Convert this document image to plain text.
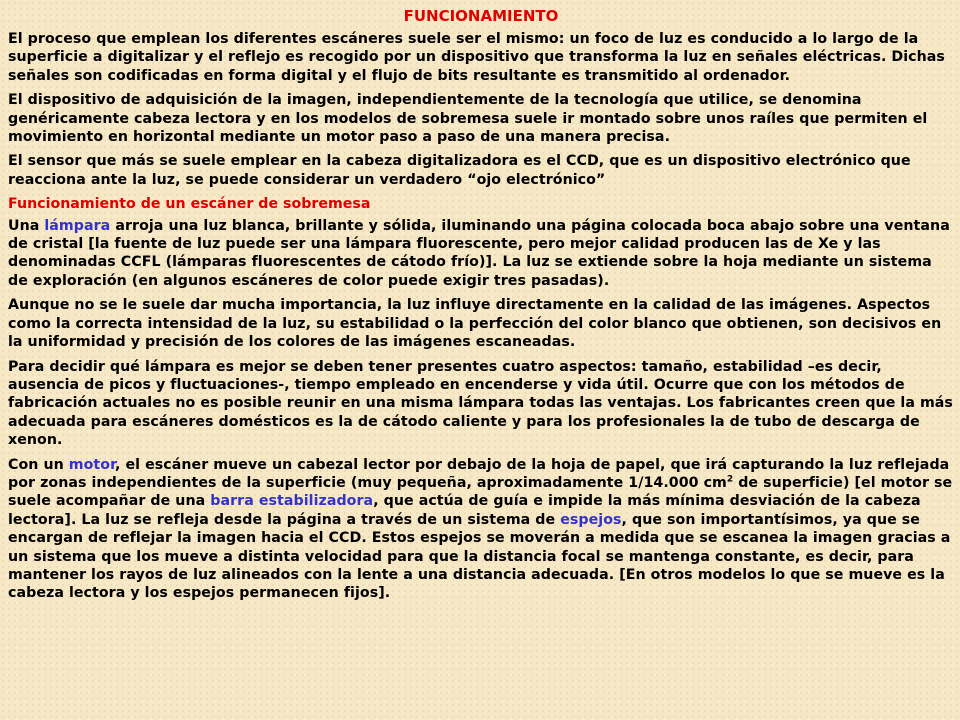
FUNCIONAMIENTO

El proceso que emplean los diferentes escáneres suele ser el mismo: un foco de luz es conducido a lo largo de la superficie a digitalizar y el reflejo es recogido por un dispositivo que transforma la luz en señales eléctricas. Dichas señales son codificadas en forma digital y el flujo de bits resultante es transmitido al ordenador.

El dispositivo de adquisición de la imagen, independientemente de la tecnología que utilice, se denomina genéricamente cabeza lectora y en los modelos de sobremesa suele ir montado sobre unos raíles que permiten el movimiento en horizontal mediante un motor paso a paso de una manera precisa.

El sensor que más se suele emplear en la cabeza digitalizadora es el CCD, que es un dispositivo electrónico que reacciona ante la luz, se puede considerar un verdadero “ojo electrónico”

Funcionamiento de un escáner de sobremesa

Una lámpara arroja una luz blanca, brillante y sólida, iluminando una página colocada boca abajo sobre una ventana de cristal [la fuente de luz puede ser una lámpara fluorescente, pero mejor calidad producen las de Xe y las denominadas CCFL (lámparas fluorescentes de cátodo frío)]. La luz se extiende sobre la hoja mediante un sistema de exploración (en algunos escáneres de color puede exigir tres pasadas).

Aunque no se le suele dar mucha importancia, la luz influye directamente en la calidad de las imágenes. Aspectos como la correcta intensidad de la luz, su estabilidad o la perfección del color blanco que obtienen, son decisivos en la uniformidad y precisión de los colores de las imágenes escaneadas.

Para decidir qué lámpara es mejor se deben tener presentes cuatro aspectos: tamaño, estabilidad –es decir, ausencia de picos y fluctuaciones-, tiempo empleado en encenderse y vida útil. Ocurre que con los métodos de fabricación actuales no es posible reunir en una misma lámpara todas las ventajas. Los fabricantes creen que la más adecuada para escáneres domésticos es la de cátodo caliente y para los profesionales la de tubo de descarga de xenon.

Con un motor, el escáner mueve un cabezal lector por debajo de la hoja de papel, que irá capturando la luz reflejada por zonas independientes de la superficie (muy pequeña, aproximadamente 1/14.000 $cm^2$ de superficie) [el motor se suele acompañar de una barra estabilizadora, que actúa de guía e impide la más mínima desviación de la cabeza lectora]. La luz se refleja desde la página a través de un sistema de espejos, que son importantísimos, ya que se encargan de reflejar la imagen hacia el CCD. Estos espejos se moverán a medida que se escanea la imagen gracias a un sistema que los mueve a distinta velocidad para que la distancia focal se mantenga constante, es decir, para mantener los rayos de luz alineados con la lente a una distancia adecuada. [En otros modelos lo que se mueve es la cabeza lectora y los espejos permanecen fijos].
